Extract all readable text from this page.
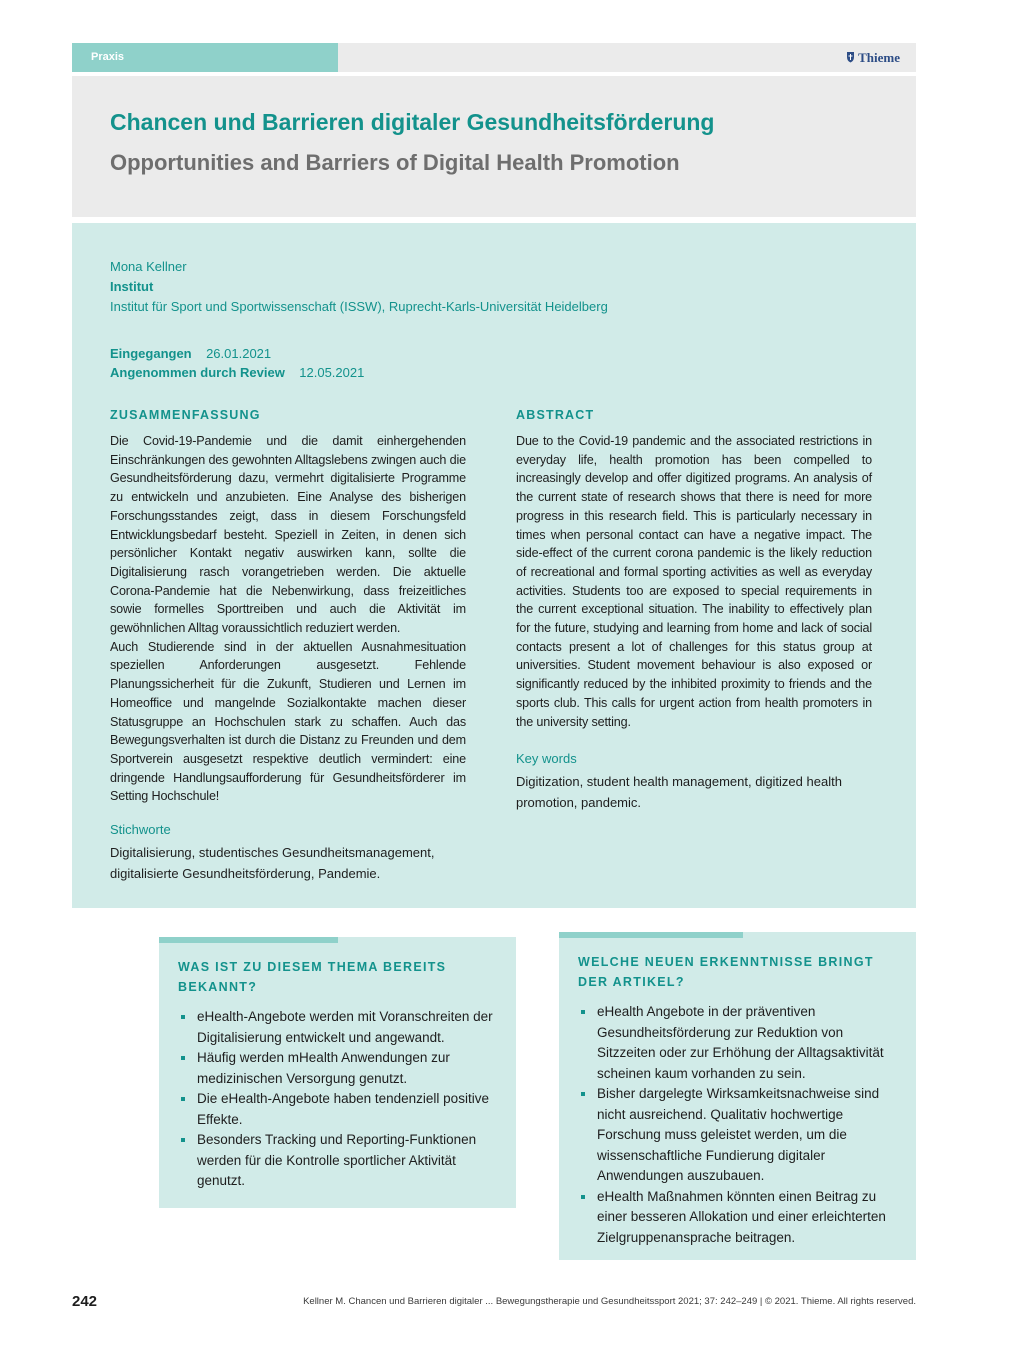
Praxis	Thieme
Chancen und Barrieren digitaler Gesundheitsförderung
Opportunities and Barriers of Digital Health Promotion
Mona Kellner
Institut
Institut für Sport und Sportwissenschaft (ISSW), Ruprecht-Karls-Universität Heidelberg
Eingegangen 26.01.2021
Angenommen durch Review 12.05.2021
ZUSAMMENFASSUNG

Die Covid-19-Pandemie und die damit einhergehenden Einschränkungen des gewohnten Alltagslebens zwingen auch die Gesundheitsförderung dazu, vermehrt digitalisierte Programme zu entwickeln und anzubieten. Eine Analyse des bisherigen Forschungsstandes zeigt, dass in diesem Forschungsfeld Entwicklungsbedarf besteht. Speziell in Zeiten, in denen sich persönlicher Kontakt negativ auswirken kann, sollte die Digitalisierung rasch vorangetrieben werden. Die aktuelle Corona-Pandemie hat die Nebenwirkung, dass freizeitliches sowie formelles Sporttreiben und auch die Aktivität im gewöhnlichen Alltag voraussichtlich reduziert werden.

Auch Studierende sind in der aktuellen Ausnahmesituation speziellen Anforderungen ausgesetzt. Fehlende Planungssicherheit für die Zukunft, Studieren und Lernen im Homeoffice und mangelnde Sozialkontakte machen dieser Statusgruppe an Hochschulen stark zu schaffen. Auch das Bewegungsverhalten ist durch die Distanz zu Freunden und dem Sportverein ausgesetzt respektive deutlich vermindert: eine dringende Handlungsaufforderung für Gesundheitsförderer im Setting Hochschule!

Stichworte

Digitalisierung, studentisches Gesundheitsmanagement, digitalisierte Gesundheitsförderung, Pandemie.

ABSTRACT

Due to the Covid-19 pandemic and the associated restrictions in everyday life, health promotion has been compelled to increasingly develop and offer digitized programs. An analysis of the current state of research shows that there is need for more progress in this research field. This is particularly necessary in times when personal contact can have a negative impact. The side-effect of the current corona pandemic is the likely reduction of recreational and formal sporting activities as well as everyday activities. Students too are exposed to special requirements in the current exceptional situation. The inability to effectively plan for the future, studying and learning from home and lack of social contacts present a lot of challenges for this status group at universities. Student movement behaviour is also exposed or significantly reduced by the inhibited proximity to friends and the sports club. This calls for urgent action from health promoters in the university setting.

Key words

Digitization, student health management, digitized health promotion, pandemic.

WAS IST ZU DIESEM THEMA BEREITS BEKANNT?
eHealth-Angebote werden mit Voranschreiten der Digitalisierung entwickelt und angewandt.
Häufig werden mHealth Anwendungen zur medizinischen Versorgung genutzt.
Die eHealth-Angebote haben tendenziell positive Effekte.
Besonders Tracking und Reporting-Funktionen werden für die Kontrolle sportlicher Aktivität genutzt.
WELCHE NEUEN ERKENNTNISSE BRINGT DER ARTIKEL?
eHealth Angebote in der präventiven Gesundheitsförderung zur Reduktion von Sitzzeiten oder zur Erhöhung der Alltagsaktivität scheinen kaum vorhanden zu sein.
Bisher dargelegte Wirksamkeitsnachweise sind nicht ausreichend. Qualitativ hochwertige Forschung muss geleistet werden, um die wissenschaftliche Fundierung digitaler Anwendungen auszubauen.
eHealth Maßnahmen könnten einen Beitrag zu einer besseren Allokation und einer erleichterten Zielgruppenansprache beitragen.
242	Kellner M. Chancen und Barrieren digitaler ... Bewegungstherapie und Gesundheitssport 2021; 37: 242–249 | © 2021. Thieme. All rights reserved.
